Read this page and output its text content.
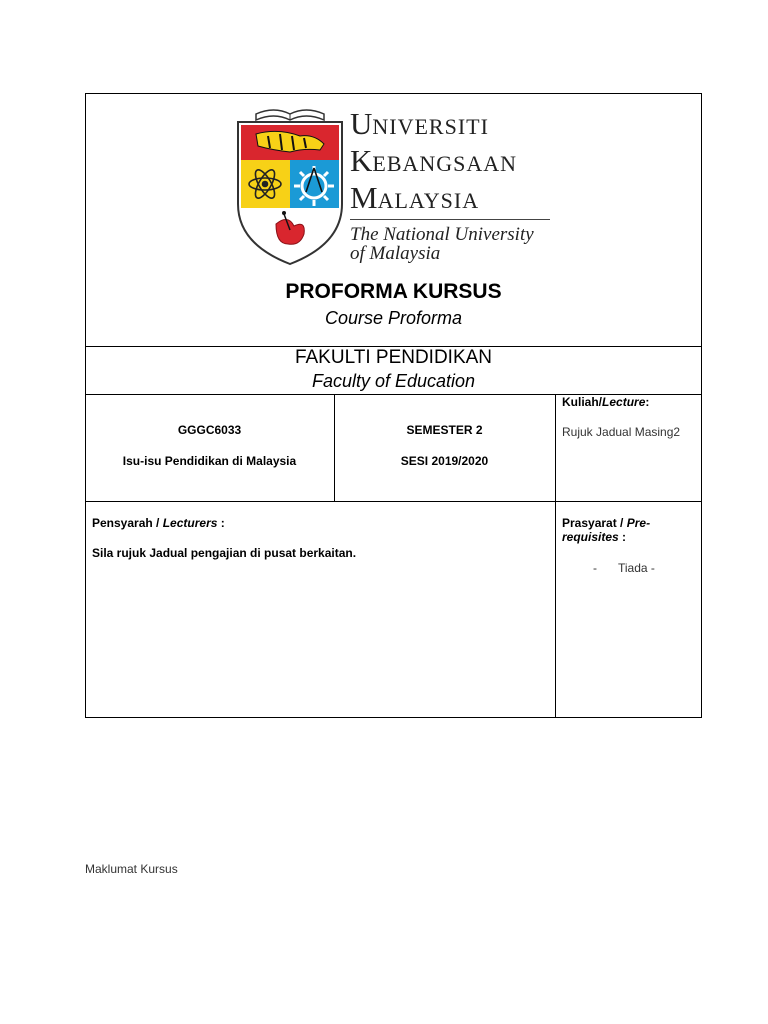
UNIVERSITI
KEBANGSAAN
MALAYSIA
The National University
of Malaysia
PROFORMA KURSUS
Course Proforma
FAKULTI PENDIDIKAN
Faculty of Education
GGGC6033
Isu-isu Pendidikan di Malaysia
SEMESTER 2
SESI 2019/2020
Kuliah/Lecture:
Rujuk Jadual Masing2
Pensyarah / Lecturers :
Sila rujuk Jadual pengajian di pusat berkaitan.
Prasyarat / Pre-
requisites :
- Tiada -
Maklumat Kursus
